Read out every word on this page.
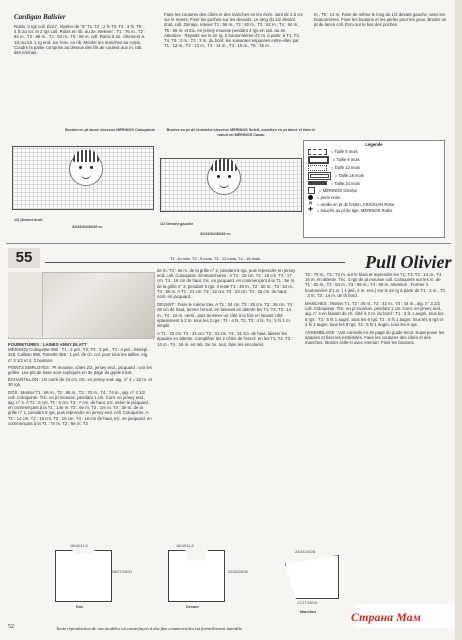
Cardigan Balisier
Rubis, 2 rgs coll. Écru", répéter de "a" T1, T2 : 2 fs T3, T4 : 3 fs. T5 : 4 fs au tot. et 2 rgs coll. Rubis en rib. au 2e. Relever : T1 : 76 m., T2 : 84 m., T3 : 88 m., T4 : 92 m., T5 : 96 m. coll. Rubis à 2e. côtement a. 1/1 au tot. 1 rg end. sur l'env. en rib. Monter les manches au corps. Coudre la partie comprise au dessus des fils de couleur aux m. rab. des emman.
Faire les coutures des côtés et des manches en les éven. sant de 2,5 cm sur le revers. Fixer les poches sur les devants. Le long du 1/2 devant droit, coll. Génépi, relever T1 : 58 m., T2 : 60 m., T3 : 62 m., T4 : 64 m., T5 : 66 m. et tric. en jersey mousse pendant 4 rgs en rab. au 4e. Attention : Répartir sur le 2e rg. 5 boutonnières d'1 m. à partir, à T1, T3, T4, T5 : 2 m., T2 : 3 m. du bord. les suivantes espacées entre-elles par T1 : 12 m., T2 : 13 m., T3 : 14 m., T4 : 15 m., T5 : 15 m.
m., T5 : 14 m. Faire de même le long du 1/2 devant gauche, sans les boutonnières. Fixer les boutons et les perles pour les yeux. Broder un pt de lancé coll. Écru sur le bas des poches.
Brodez en pt lancé cheveux MÉRINOS Coloquinte
1/2 Devant droit
32/33/34/36/39 m.
Brodez en pt de chaînette cheveux MÉRINOS Soleil, couettes en pt lancé et faire le nœud en MÉRINOS Cacao
1/2 Devant gauche
32/33/34/36/39 m.
Légende
= Taille 6 mois
= Taille 9 mois
= Taille 12 mois
= Taille 18 mois
= Taille 24 mois
= MÉRINOS Génépi
= perle noire
✕ = oreille en pt de feston, ASSOUAN Rose
✚ = bouche au pt de tige, MÉRINOS Rubis
55	T1 : 6 mois, T2 : 9 mois, T3 : 12 mois, T4 : 18 mois	Pull Olivier
FOURNITURES : LAINES ANNY BLATT
MÉRINOS Coloquinte 092 : T1 : 2 pel., T2, T3 : 3 pel., T4 : 4 pel., Génépi 226, Callisto 086, Tomette 366 : 1 pel. de ch. col. pour tous les tailles. Aig. n° 3 1/2 et 4, 2 boutons
POINTS EMPLOYÉS : Pt mousse, côtes 2/2, jersey end., jacquard : voir les grilles. Les pts de base sont expliqués en 3e page du guide tricot.
ÉCHANTILLON : Un carré de 10 cm. tric. en jersey end. aig. n° 4 = 22 m. et 30 rgs.
DOS : Monter T1 : 66 m., T2 : 68 m., T3 : 70 m., T4 : 74 m., aig. n° 3 1/2 coll. Coloquinte. Tric. en pt mousse, pendant 1 cm. Cont. en jersey end., aig. n° 4. A T1 : 5 cm. T2 : 6 cm. T3 : 7 cm. de haut, tric. selon le jacquard, en commençant à la T1 : 14e m. T2 : 6e m. T3 : 1re m. T4 : 3e m. de la grille n° 1, pendant 8 rgs, puis reprendre en jersey end. coll. Coloquinte. A T1 : 14 cm. T2 : 15 cm. T3 : 16 cm. T4 : 16 cm de haut, tric. en jacquard, en commençant à la T1 : 7e m. T2 : 6e m. T3
5e m. T4 : 3e m. de la grille n° 2, pendant 8 rgs, puis reprendre en jersey end. coll. Coloquinte. Emmanchures : A T1 : 15 cm. T2 : 16 cm. T3 : 17 cm. T4 : 18 cm de haut, tric. en jacquard, en commençant à la T1 : 5e m. de la grille n° 3, pendant 8 rgs. Il reste T1 : 48 m., T2 : 50 m., T3 : 52 m., T4 : 56 m. A T1 : 21 cm. T2 : 22 cm. T3 : 23 cm. T4 : 25 cm. de haut, cont. en jacquard.
DEVANT : Faire le même trav. A T1 : 24 cm. T2 : 25 cm. T3 : 26 cm. T4 : 28 cm de haut, fermer l'encol. en laissant en attente les T1, T2, T3 : 14 m., T4 : 16 m. centr., puis terminer un côté à la fois en faisant côté épaulement à 2 m. tous les 2 rgs : T1 : 4 fs, T2, T3 : 4 fs, T4 : 5 fs 1 m. simple.
A T1 : 33 cm. T2 : 31 cm. T3 : 31 cm. T4 : 31 cm. de haut, laisser les épaules en attente. Compléter les 2 côtés de l'encol. en les T1, T2, T3 : 14 m., T4 : 16 m. en rab. Se 1e. tout, faire les encolures.
T2 : 70 m., T3 : 72 m. sur le biais et reprendre les T1, T2, T3 : 14 m., T4 : 16 m. en attente. Tric. 4 rgs de pt mousse coll. Coloquinte sur les m. de T1 : 62 m., T2 : 64 m., T3 : 66 m., T4 : 68 m. Attention : Former 1 boutonnière d'1 m. ( 1 jeté, 2 m. ens.) sur le 2e rg à partir de T1 : 2 m., T2 : 3 m. T3 : 14 m. de th bord.
MANCHES : Monter T1, T2 : 40 m., T3 : 42 m., T4 : 44 m., aig. n° 3 1/2 coll. Coloquinte. Tric. en pt mousse, pendant 1 cm. Cont. en jersey end., aig. n° 4 en faisant de ch. côté à 2 m. du bord : T1 : 3 fs 1 augm. tous les 8 rgs : T2 : 5 fs 1 augm. tous les 6 rgs. T3 : 5 fs 1 augm. tous les 6 rgs et 2 fs 1 augm. tous les 8 rgs. T4 : 5 fs 1 augm. tous les 6 rgs.
ASSEMBLAGE : Voir conseils en 2e page du guide tricot. Superposer les épaules et fixer les extrémités. Faire les coutures des côtés et des manches. Monter celle-ci avec emman. Fixer les boutons.
16/18/11,5
26/27/28/31
Dos
16/18/11,5
22/28/28/30
Devant
22/24/24/28
17/17/18/19
Manches
52	Toute reproduction de nos modèles ou contrefaçon à des fins commerciales est formellement interdite.
Страна Мам
